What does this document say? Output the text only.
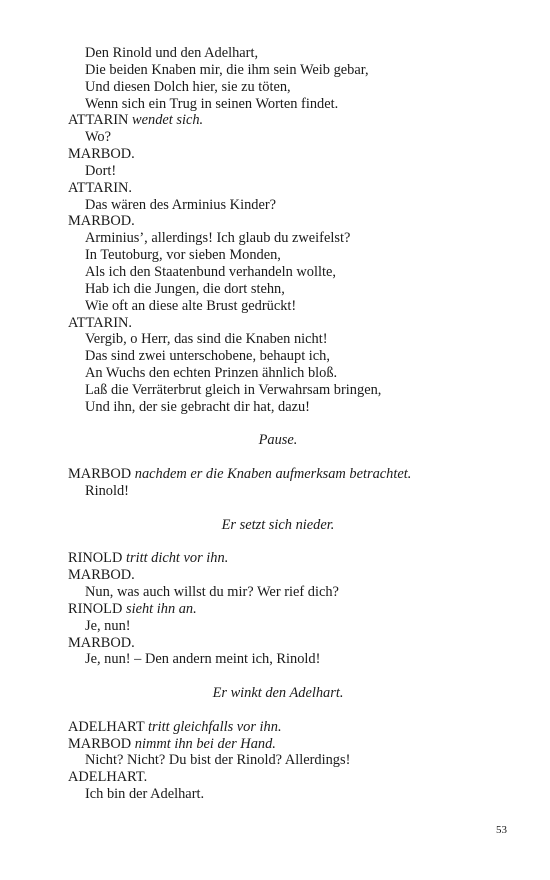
Den Rinold und den Adelhart,
Die beiden Knaben mir, die ihm sein Weib gebar,
Und diesen Dolch hier, sie zu töten,
Wenn sich ein Trug in seinen Worten findet.
ATTARIN wendet sich.
Wo?
MARBOD.
Dort!
ATTARIN.
Das wären des Arminius Kinder?
MARBOD.
Arminius’, allerdings! Ich glaub du zweifelst?
In Teutoburg, vor sieben Monden,
Als ich den Staatenbund verhandeln wollte,
Hab ich die Jungen, die dort stehn,
Wie oft an diese alte Brust gedrückt!
ATTARIN.
Vergib, o Herr, das sind die Knaben nicht!
Das sind zwei unterschobene, behaupt ich,
An Wuchs den echten Prinzen ähnlich bloß.
Laß die Verräterbrut gleich in Verwahrsam bringen,
Und ihn, der sie gebracht dir hat, dazu!
Pause.
MARBOD nachdem er die Knaben aufmerksam betrachtet.
Rinold!
Er setzt sich nieder.
RINOLD tritt dicht vor ihn.
MARBOD.
Nun, was auch willst du mir? Wer rief dich?
RINOLD sieht ihn an.
Je, nun!
MARBOD.
Je, nun! – Den andern meint ich, Rinold!
Er winkt den Adelhart.
ADELHART tritt gleichfalls vor ihn.
MARBOD nimmt ihn bei der Hand.
Nicht? Nicht? Du bist der Rinold? Allerdings!
ADELHART.
Ich bin der Adelhart.
53
